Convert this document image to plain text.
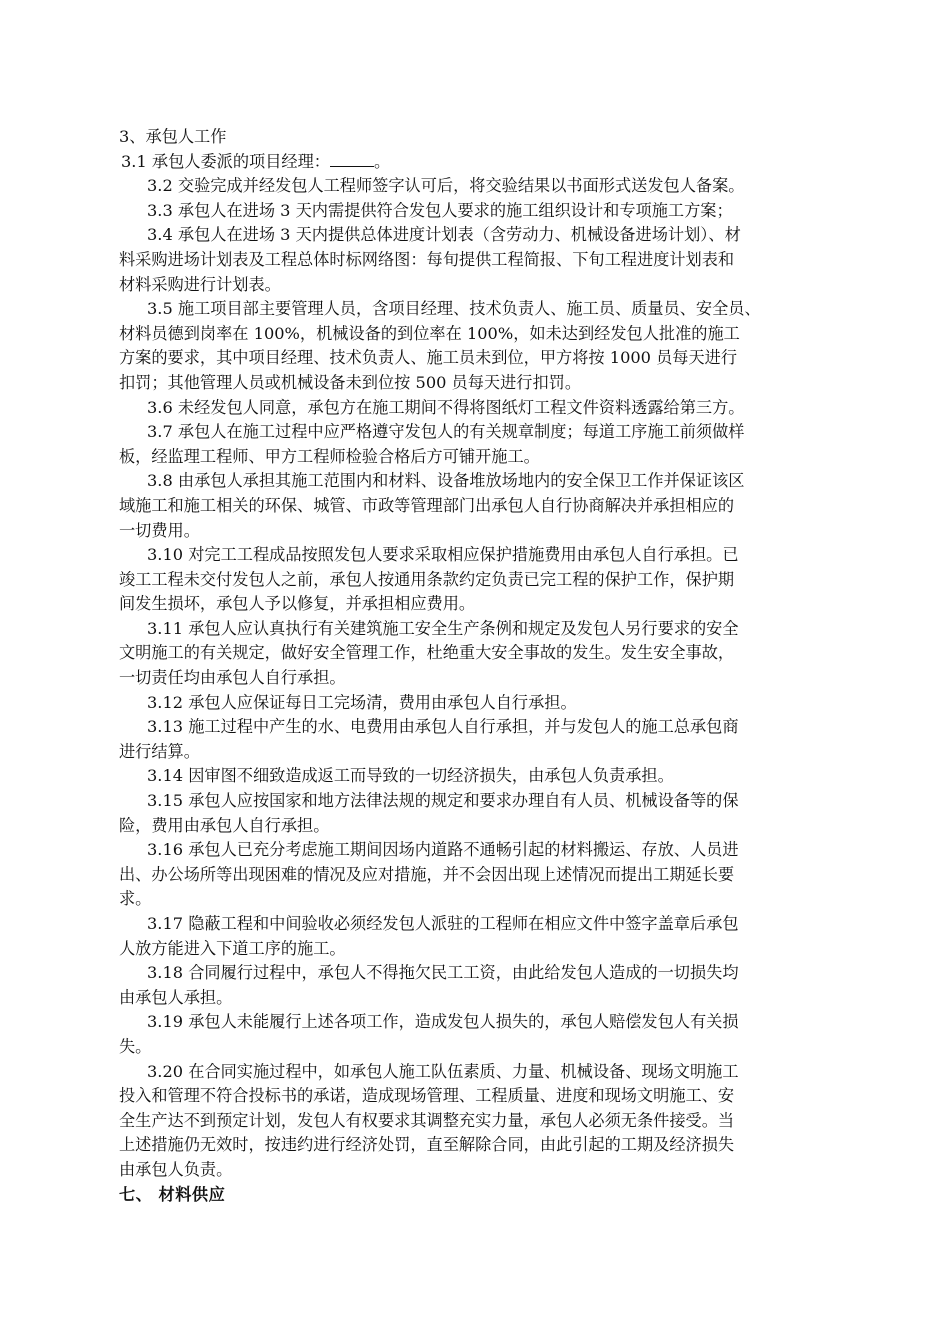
3、承包人工作
3.1 承包人委派的项目经理：	。
3.2 交验完成并经发包人工程师签字认可后，将交验结果以书面形式送发包人备案。
3.3 承包人在进场 3 天内需提供符合发包人要求的施工组织设计和专项施工方案；
3.4 承包人在进场 3 天内提供总体进度计划表（含劳动力、机械设备进场计划）、材
料采购进场计划表及工程总体时标网络图：每旬提供工程简报、下旬工程进度计划表和
材料采购进行计划表。
3.5 施工项目部主要管理人员，含项目经理、技术负责人、施工员、质量员、安全员、
材料员德到岗率在 100%，机械设备的到位率在 100%，如未达到经发包人批准的施工
方案的要求，其中项目经理、技术负责人、施工员未到位，甲方将按 1000 员每天进行
扣罚；其他管理人员或机械设备未到位按 500 员每天进行扣罚。
3.6 未经发包人同意，承包方在施工期间不得将图纸灯工程文件资料透露给第三方。
3.7 承包人在施工过程中应严格遵守发包人的有关规章制度；每道工序施工前须做样
板，经监理工程师、甲方工程师检验合格后方可铺开施工。
3.8 由承包人承担其施工范围内和材料、设备堆放场地内的安全保卫工作并保证该区
域施工和施工相关的环保、城管、市政等管理部门出承包人自行协商解决并承担相应的
一切费用。
3.10 对完工工程成品按照发包人要求采取相应保护措施费用由承包人自行承担。已
竣工工程未交付发包人之前，承包人按通用条款约定负责已完工程的保护工作，保护期
间发生损坏，承包人予以修复，并承担相应费用。
3.11 承包人应认真执行有关建筑施工安全生产条例和规定及发包人另行要求的安全
文明施工的有关规定，做好安全管理工作，杜绝重大安全事故的发生。发生安全事故，
一切责任均由承包人自行承担。
3.12 承包人应保证每日工完场清，费用由承包人自行承担。
3.13 施工过程中产生的水、电费用由承包人自行承担，并与发包人的施工总承包商
进行结算。
3.14 因审图不细致造成返工而导致的一切经济损失，由承包人负责承担。
3.15 承包人应按国家和地方法律法规的规定和要求办理自有人员、机械设备等的保
险，费用由承包人自行承担。
3.16 承包人已充分考虑施工期间因场内道路不通畅引起的材料搬运、存放、人员进
出、办公场所等出现困难的情况及应对措施，并不会因出现上述情况而提出工期延长要
求。
3.17 隐蔽工程和中间验收必须经发包人派驻的工程师在相应文件中签字盖章后承包
人放方能进入下道工序的施工。
3.18 合同履行过程中，承包人不得拖欠民工工资，由此给发包人造成的一切损失均
由承包人承担。
3.19 承包人未能履行上述各项工作，造成发包人损失的，承包人赔偿发包人有关损
失。
3.20 在合同实施过程中，如承包人施工队伍素质、力量、机械设备、现场文明施工
投入和管理不符合投标书的承诺，造成现场管理、工程质量、进度和现场文明施工、安
全生产达不到预定计划，发包人有权要求其调整充实力量，承包人必须无条件接受。当
上述措施仍无效时，按违约进行经济处罚，直至解除合同，由此引起的工期及经济损失
由承包人负责。
七、 材料供应
